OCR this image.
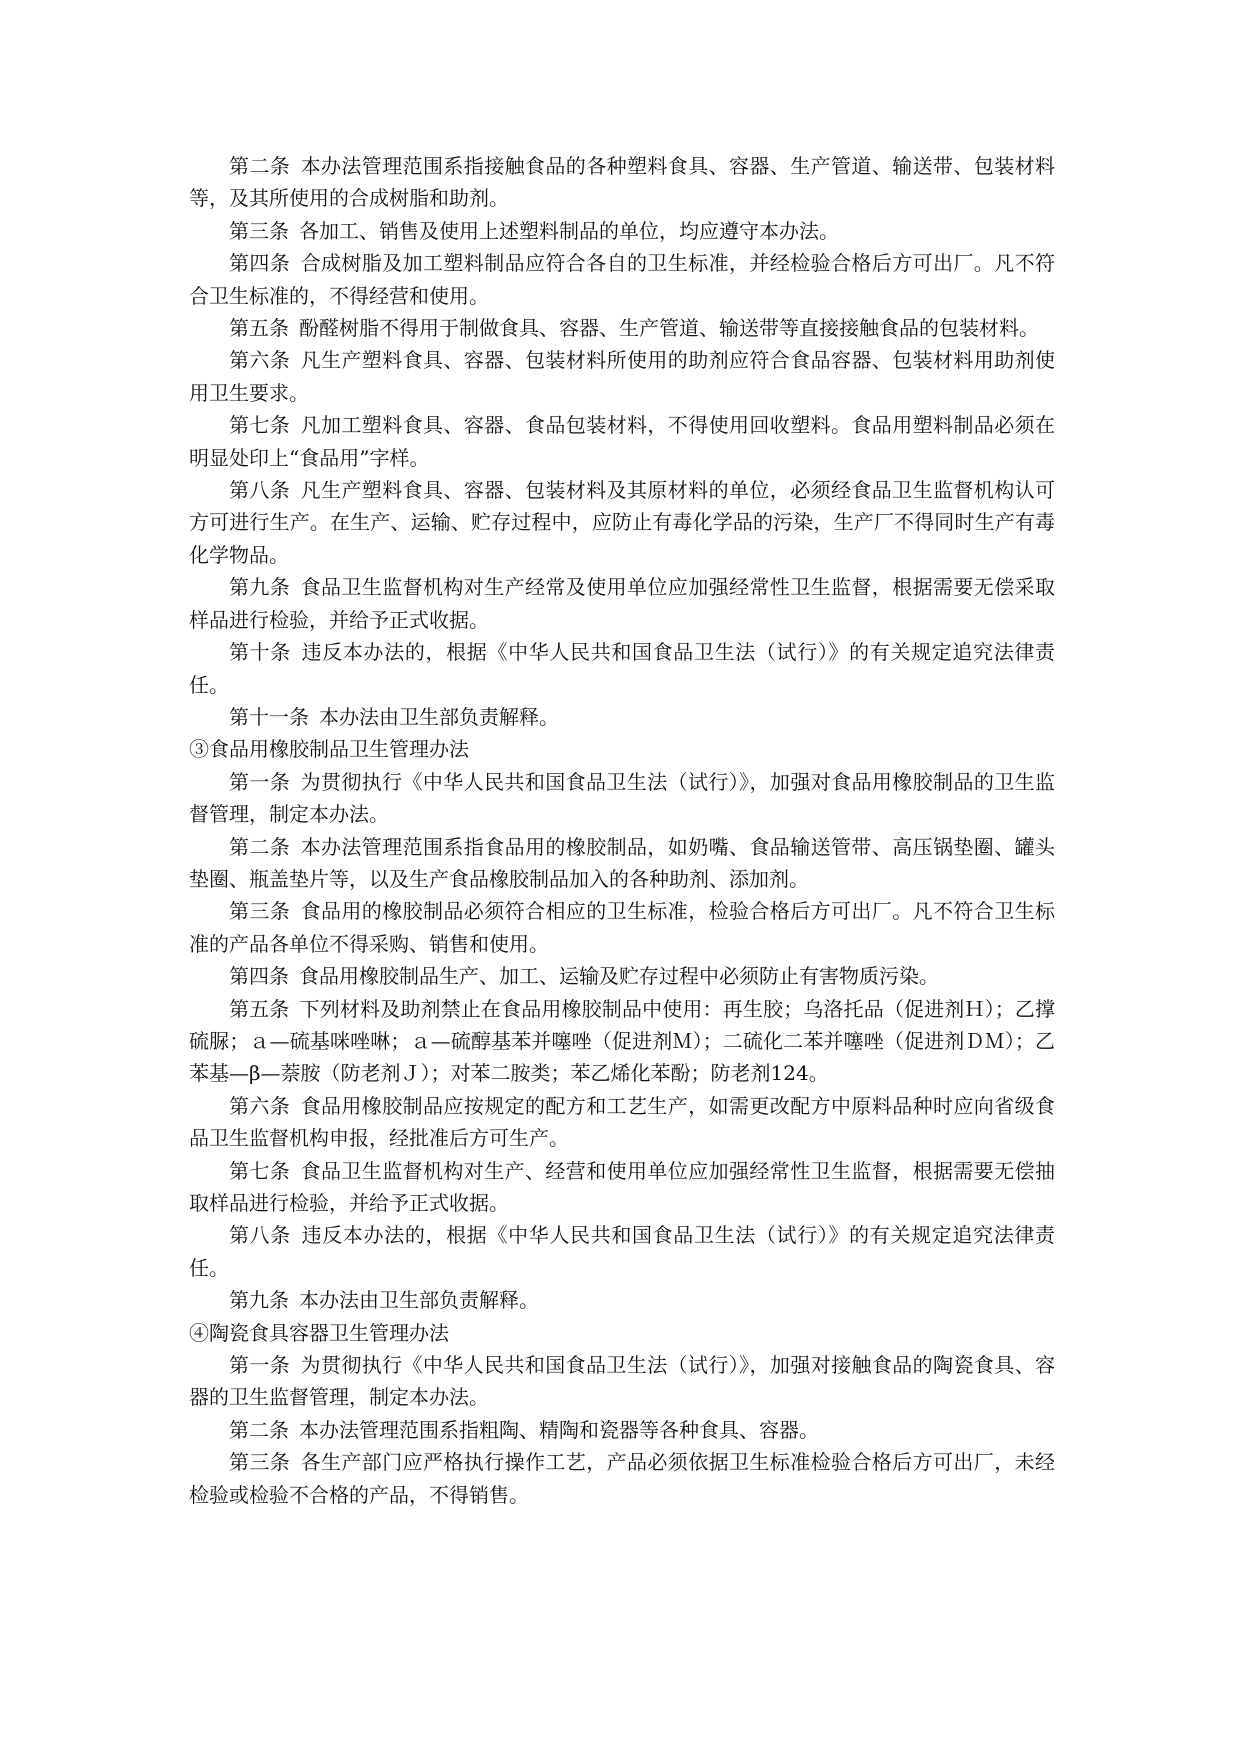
第二条 本办法管理范围系指接触食品的各种塑料食具、容器、生产管道、输送带、包装材料等，及其所使用的合成树脂和助剂。

第三条 各加工、销售及使用上述塑料制品的单位，均应遵守本办法。

第四条 合成树脂及加工塑料制品应符合各自的卫生标准，并经检验合格后方可出厂。凡不符合卫生标准的，不得经营和使用。

第五条 酚醛树脂不得用于制做食具、容器、生产管道、输送带等直接接触食品的包装材料。

第六条 凡生产塑料食具、容器、包装材料所使用的助剂应符合食品容器、包装材料用助剂使用卫生要求。

第七条 凡加工塑料食具、容器、食品包装材料，不得使用回收塑料。食品用塑料制品必须在明显处印上“食品用”字样。

第八条 凡生产塑料食具、容器、包装材料及其原材料的单位，必须经食品卫生监督机构认可方可进行生产。在生产、运输、贮存过程中，应防止有毒化学品的污染，生产厂不得同时生产有毒化学物品。

第九条 食品卫生监督机构对生产经常及使用单位应加强经常性卫生监督，根据需要无偿采取样品进行检验，并给予正式收据。

第十条 违反本办法的，根据《中华人民共和国食品卫生法（试行）》的有关规定追究法律责任。

第十一条 本办法由卫生部负责解释。

③食品用橡胶制品卫生管理办法

第一条 为贯彻执行《中华人民共和国食品卫生法（试行）》，加强对食品用橡胶制品的卫生监督管理，制定本办法。

第二条 本办法管理范围系指食品用的橡胶制品，如奶嘴、食品输送管带、高压锅垫圈、罐头垫圈、瓶盖垫片等，以及生产食品橡胶制品加入的各种助剂、添加剂。

第三条 食品用的橡胶制品必须符合相应的卫生标准，检验合格后方可出厂。凡不符合卫生标准的产品各单位不得采购、销售和使用。

第四条 食品用橡胶制品生产、加工、运输及贮存过程中必须防止有害物质污染。

第五条 下列材料及助剂禁止在食品用橡胶制品中使用：再生胶；乌洛托品（促进剂Ｈ）；乙撑硫脲；ａ—硫基咪唑啉；ａ—硫醇基苯并噻唑（促进剂Ｍ）；二硫化二苯并噻唑（促进剂ＤＭ）；乙苯基—β—萘胺（防老剂Ｊ）；对苯二胺类；苯乙烯化苯酚；防老剂124。

第六条 食品用橡胶制品应按规定的配方和工艺生产，如需更改配方中原料品种时应向省级食品卫生监督机构申报，经批准后方可生产。

第七条 食品卫生监督机构对生产、经营和使用单位应加强经常性卫生监督，根据需要无偿抽取样品进行检验，并给予正式收据。

第八条 违反本办法的，根据《中华人民共和国食品卫生法（试行）》的有关规定追究法律责任。

第九条 本办法由卫生部负责解释。

④陶瓷食具容器卫生管理办法

第一条 为贯彻执行《中华人民共和国食品卫生法（试行）》，加强对接触食品的陶瓷食具、容器的卫生监督管理，制定本办法。

第二条 本办法管理范围系指粗陶、精陶和瓷器等各种食具、容器。

第三条 各生产部门应严格执行操作工艺，产品必须依据卫生标准检验合格后方可出厂，未经检验或检验不合格的产品，不得销售。
